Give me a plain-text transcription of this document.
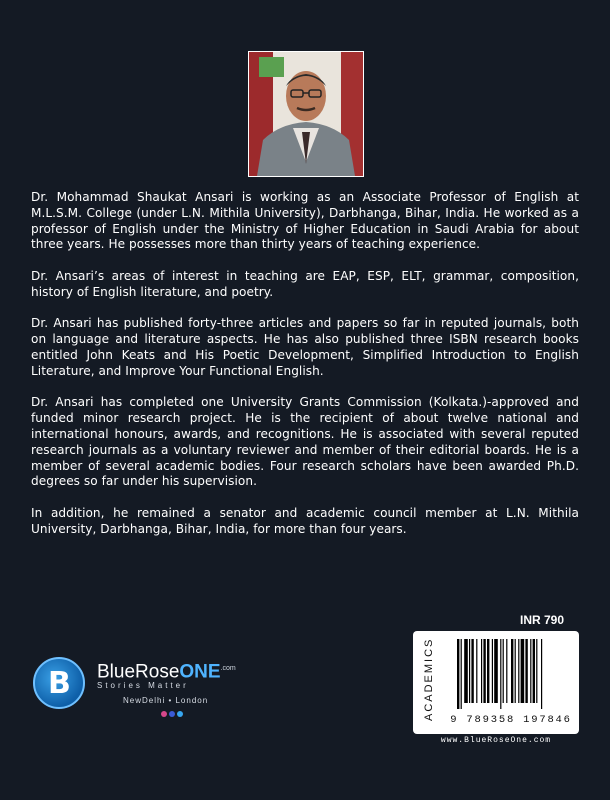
Dr. Mohammad Shaukat Ansari is working as an Associate Professor of English at M.L.S.M. College (under L.N. Mithila University), Darbhanga, Bihar, India. He worked as a professor of English under the Ministry of Higher Education in Saudi Arabia for about three years. He possesses more than thirty years of teaching experience.

Dr. Ansari’s areas of interest in teaching are EAP, ESP, ELT, grammar, composition, history of English literature, and poetry.

Dr. Ansari has published forty-three articles and papers so far in reputed journals, both on language and literature aspects. He has also published three ISBN research books entitled John Keats and His Poetic Development, Simplified Introduction to English Literature, and Improve Your Functional English.

Dr. Ansari has completed one University Grants Commission (Kolkata.)-approved and funded minor research project. He is the recipient of about twelve national and international honours, awards, and recognitions. He is associated with several reputed research journals as a voluntary reviewer and member of their editorial boards. He is a member of several academic bodies. Four research scholars have been awarded Ph.D. degrees so far under his supervision.

In addition, he remained a senator and academic council member at L.N. Mithila University, Darbhanga, Bihar, India, for more than four years.

B BlueRoseONE$^{.com}$
Stories Matter
NewDelhi • London
INR 790
ACADEMICS	9 789358 197846
www.BlueRoseOne.com
